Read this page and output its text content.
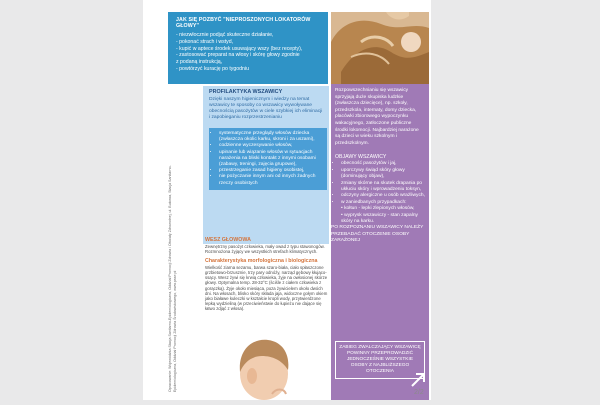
Opracowanie: Wojewódzka Stacja Sanitarno-Epidemiologiczna, Oddział Promocji Zdrowia i Oświaty Zdrowotnej, ul. Bukowa, Stacja Sanitarno-Epidemiologiczna, Oddział Promocji Zdrowia Środowiskowego, www.psse.pl
JAK SIĘ POZBYĆ "NIEPROSZONYCH LOKATORÓW GŁOWY"
- niezwłocznie podjąć skuteczne działanie,
- pokonać strach i wstyd,
- kupić w aptece środek usuwający wszy (bez recepty),
- zastosować preparat na włosy i skórę głowy zgodnie
z podaną instrukcją,
- powtórzyć kurację po tygodniu
PROFILAKTYKA WSZAWICY

Dzięki naszym higienicznym i wiedzy na temat wszawicy te sposoby co wszawicy wywoływane obecnością pasożytów w ciele szybkiej ich eliminacji i zapobieganiu rozprzestrzenianiu

• systematyczne przeglądy włosów dziecka (zwłaszcza okolic karku, skroni i za uszami),
• codzienne wyczesywanie włosów,
• upinanie lub wiązanie włosów w sytuacjach narażenia na bliski kontakt z innymi osobami (zabawy, treningi, zajęcia grupowe),
• przestrzeganie zasad higieny osobistej,
• nie pożyczanie innym ani od innych żadnych rzeczy osobistych

Rozpowszechnianiu się wszawicy sprzyjają duże skupiska ludzkie (zwłaszcza dziecięce), np. szkoły, przedszkola, internaty, domy dziecka, placówki zbiorowego wypoczynku wakacyjnego, zatłoczone publiczne środki lokomocji. Najbardziej narażone są dzieci w wieku szkolnym i przedszkolnym.

OBJAWY WSZAWICY

• obecność pasożytów i jaj,
• uporczywy świąd skóry głowy (dominujący objaw),
• zmiany skórne na skutek drapania po ukłuciu skóry i wprowadzeniu toksyn,
• odczyny alergiczne u osób wrażliwych,
• w zaniedbanych przypadkach:
• kołtun - lepki zlepionych włosów,
• wyprysk wszawiczy - stan zapalny skóry na karku.

PO ROZPOZNANIU WSZAWICY NALEŻY PRZEBADAĆ OTOCZENIE OSOBY ZARAŻONEJ

ZABIEG ZWALCZAJĄCY WSZAWICĘ POWINNY PRZEPROWADZIĆ JEDNOCZEŚNIE WSZYSTKIE OSOBY Z NAJBLIŻSZEGO OTOCZENIA
WESZ GŁOWOWA

Zewnętrzny pasożyt człowieka, mały owad z typu stawonogów. Rozmnożona żyjący we wszystkich strefach klimatycznych.

Charakterystyka morfologiczna i biologiczna

Wielkość ziarna sezamu, barwa szaro-biała, ciało spłaszczone grzbietowo-brzusznie, trzy pary odnóży, narząd gębowy kłująco-ssący. Wesz żywi się krwią człowieka, żyje na owłosionej skórze głowy. Optymalna temp. 28-32°C (ściśle z ciałem człowieka z gorączką). Żyje około miesiąca, poza żywicielem około dwóch dni. Na włosach, blisko skóry składa jaja, widoczne gołym okiem jako białawe kuleczki w kształcie kropli wody, przytwierdzone lepką wydzieliną (w przeciwieństwie do łupieżu nie dające się łatwo zdjąć z włosa).

2/2
